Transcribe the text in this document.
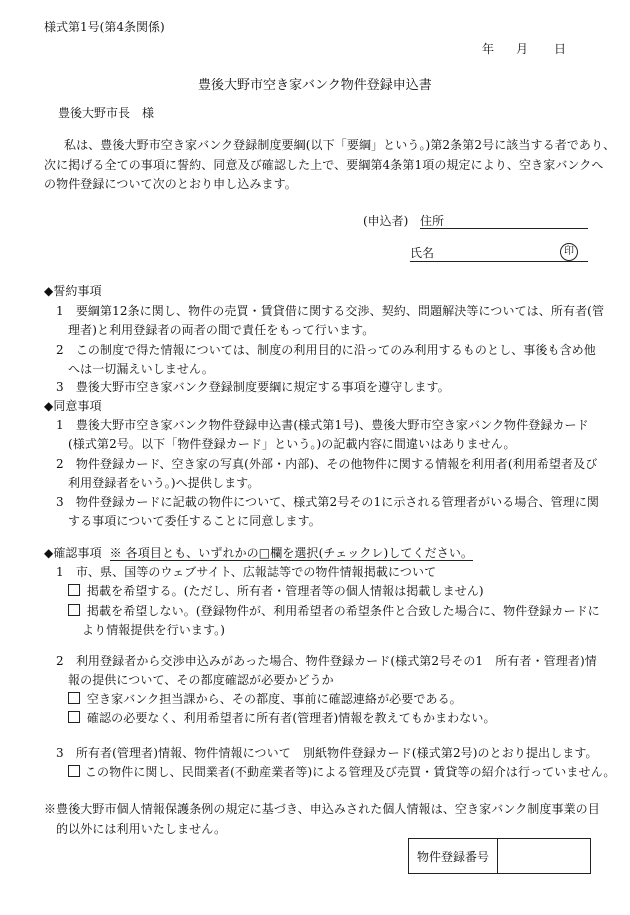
様式第1号(第4条関係)
年 月 日
豊後大野市空き家バンク物件登録申込書
豊後大野市長　様
私は、豊後大野市空き家バンク登録制度要綱(以下「要綱」という。)第2条第2号に該当する者であり、
次に掲げる全ての事項に誓約、同意及び確認した上で、要綱第4条第1項の規定により、空き家バンクへ
の物件登録について次のとおり申し込みます。
(申込者) 住所
氏名	印
◆誓約事項
1　要綱第12条に関し、物件の売買・賃貸借に関する交渉、契約、問題解決等については、所有者(管
理者)と利用登録者の両者の間で責任をもって行います。
2　この制度で得た情報については、制度の利用目的に沿ってのみ利用するものとし、事後も含め他
へは一切漏えいしません。
3　豊後大野市空き家バンク登録制度要綱に規定する事項を遵守します。
◆同意事項
1　豊後大野市空き家バンク物件登録申込書(様式第1号)、豊後大野市空き家バンク物件登録カード
(様式第2号。以下「物件登録カード」という。)の記載内容に間違いはありません。
2　物件登録カード、空き家の写真(外部・内部)、その他物件に関する情報を利用者(利用希望者及び
利用登録者をいう。)へ提供します。
3　物件登録カードに記載の物件について、様式第2号その1に示される管理者がいる場合、管理に関
する事項について委任することに同意します。
◆確認事項 ※ 各項目とも、いずれかの□欄を選択(チェックレ)してください。
1　市、県、国等のウェブサイト、広報誌等での物件情報掲載について
掲載を希望する。(ただし、所有者・管理者等の個人情報は掲載しません)
掲載を希望しない。(登録物件が、利用希望者の希望条件と合致した場合に、物件登録カードに
より情報提供を行います。)
2　利用登録者から交渉申込みがあった場合、物件登録カード(様式第2号その1　所有者・管理者)情
報の提供について、その都度確認が必要かどうか
空き家バンク担当課から、その都度、事前に確認連絡が必要である。
確認の必要なく、利用希望者に所有者(管理者)情報を教えてもかまわない。
3　所有者(管理者)情報、物件情報について　別紙物件登録カード(様式第2号)のとおり提出します。
この物件に関し、民間業者(不動産業者等)による管理及び売買・賃貸等の紹介は行っていません。
※豊後大野市個人情報保護条例の規定に基づき、申込みされた個人情報は、空き家バンク制度事業の目
的以外には利用いたしません。
物件登録番号	
